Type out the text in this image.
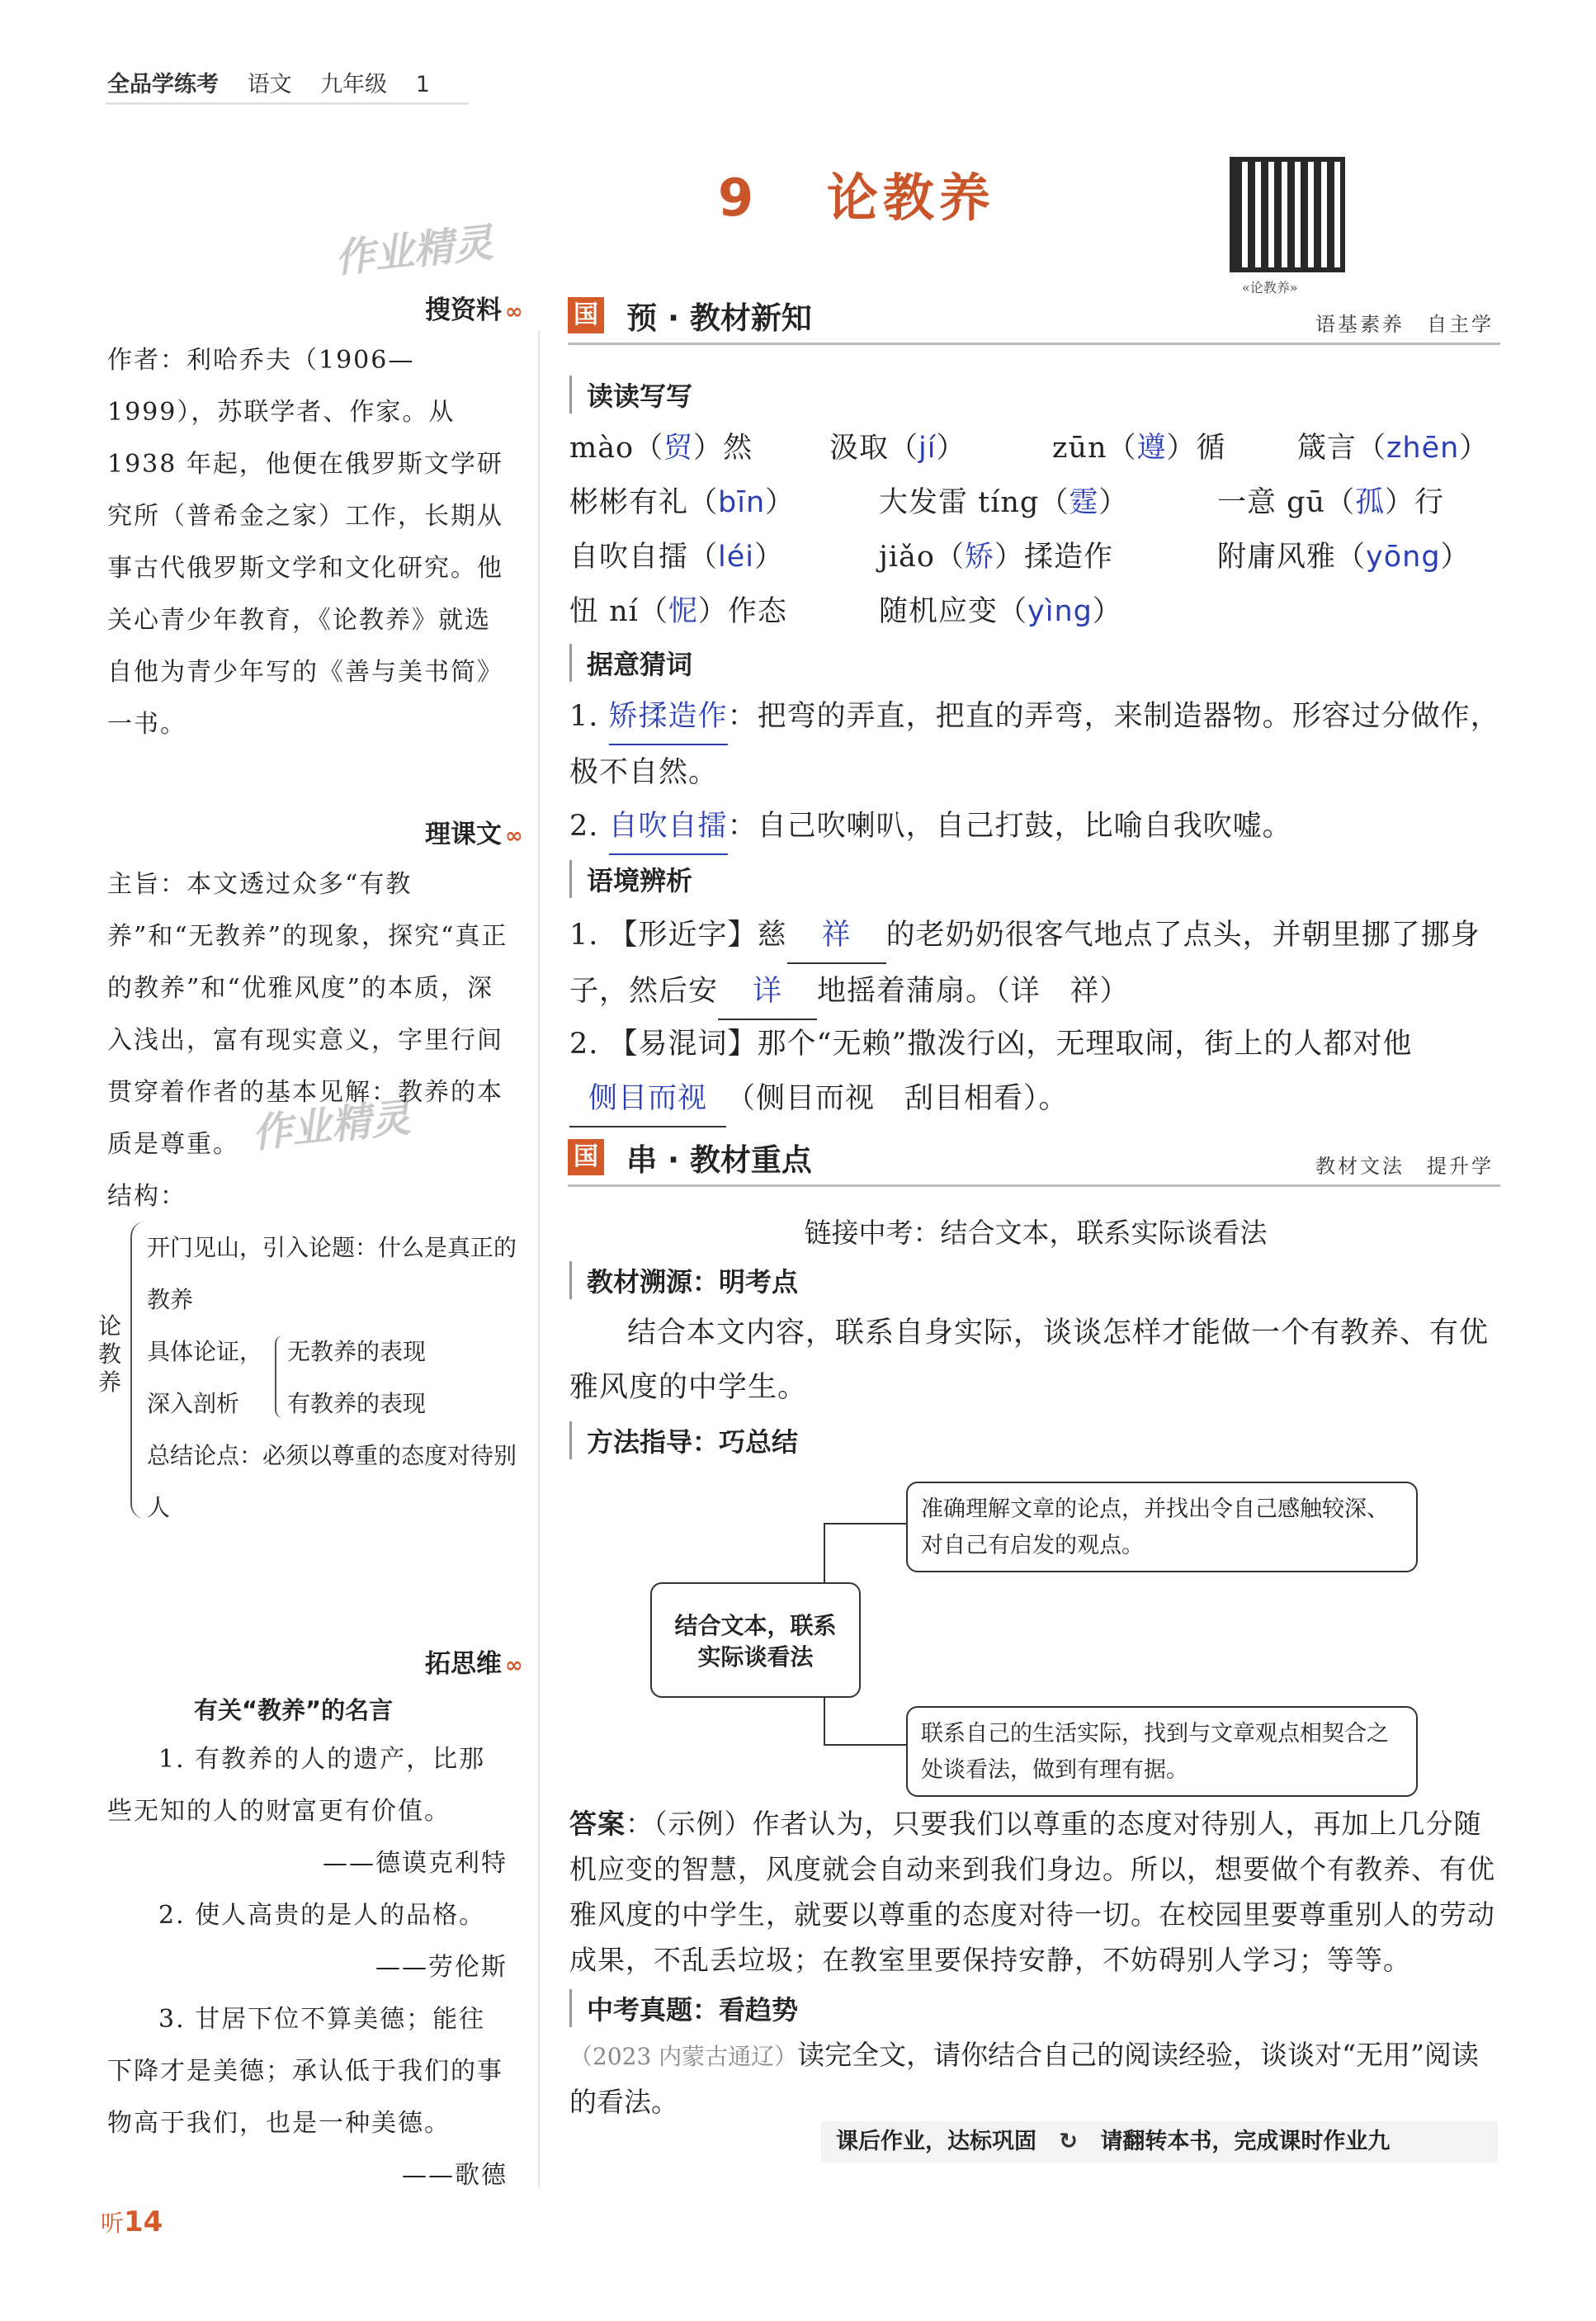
全品学练考 语文 九年级 1
9 论教养
«论教养»
作业精灵
作业精灵
搜资料 ∞
作者：利哈乔夫（1906—1999），苏联学者、作家。从 1938 年起，他便在俄罗斯文学研究所（普希金之家）工作，长期从事古代俄罗斯文学和文化研究。他关心青少年教育，《论教养》就选自他为青少年写的《善与美书简》一书。
理课文 ∞
主旨：本文透过众多“有教养”和“无教养”的现象，探究“真正的教养”和“优雅风度”的本质，深入浅出，富有现实意义，字里行间贯穿着作者的基本见解：教养的本质是尊重。
结构：
论教养
开门见山，引入论题：什么是真正的教养
具体论证，
深入剖析
无教养的表现
有教养的表现
总结论点：必须以尊重的态度对待别人
拓思维 ∞
有关“教养”的名言
1. 有教养的人的遗产，比那些无知的人的财富更有价值。
——德谟克利特
2. 使人高贵的是人的品格。
——劳伦斯
3. 甘居下位不算美德；能往下降才是美德；承认低于我们的事物高于我们，也是一种美德。
——歌德
国 预 · 教材新知	语基素养　自主学
读读写写
mào（贸）然	汲取（jí）	zūn（遵）循 箴言（zhēn）
彬彬有礼（bīn）	大发雷 tíng（霆）	一意 gū（孤）行
自吹自擂（léi）	jiǎo（矫）揉造作	附庸风雅（yōng）
忸 ní（怩）作态	随机应变（yìng）
据意猜词
1. 矫揉造作：把弯的弄直，把直的弄弯，来制造器物。形容过分做作，极不自然。
2. 自吹自擂：自己吹喇叭，自己打鼓，比喻自我吹嘘。
语境辨析
1. 【形近字】慈 祥 的老奶奶很客气地点了点头，并朝里挪了挪身子，然后安 详 地摇着蒲扇。（详　祥）
2. 【易混词】那个“无赖”撒泼行凶，无理取闹，街上的人都对他侧目而视 （侧目而视　刮目相看）。
国 串 · 教材重点	教材文法　提升学
链接中考：结合文本，联系实际谈看法
教材溯源：明考点
结合本文内容，联系自身实际，谈谈怎样才能做一个有教养、有优雅风度的中学生。
方法指导：巧总结
结合文本，联系实际谈看法
准确理解文章的论点，并找出令自己感触较深、对自己有启发的观点。
联系自己的生活实际，找到与文章观点相契合之处谈看法，做到有理有据。
答案：（示例）作者认为，只要我们以尊重的态度对待别人，再加上几分随机应变的智慧，风度就会自动来到我们身边。所以，想要做个有教养、有优雅风度的中学生，就要以尊重的态度对待一切。在校园里要尊重别人的劳动成果，不乱丢垃圾；在教室里要保持安静，不妨碍别人学习；等等。
中考真题：看趋势
（2023 内蒙古通辽）读完全文，请你结合自己的阅读经验，谈谈对“无用”阅读的看法。
课后作业，达标巩固 ↻ 请翻转本书，完成课时作业九
听14
